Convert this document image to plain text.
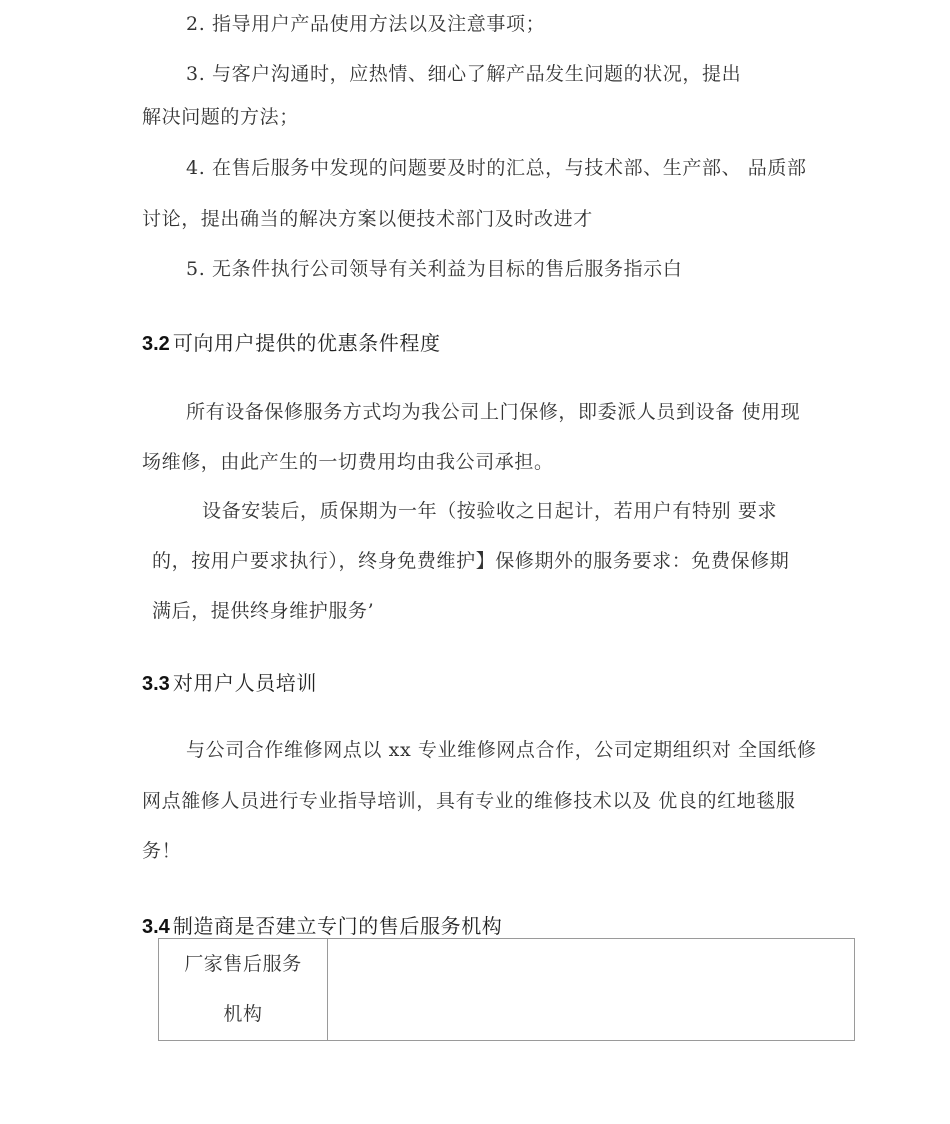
2. 指导用户产品使用方法以及注意事项；
3. 与客户沟通时，应热情、细心了解产品发生问题的状况，提出
解决问题的方法；
4. 在售后服务中发现的问题要及时的汇总，与技术部、生产部、 品质部
讨论，提出确当的解决方案以便技术部门及时改进才
5. 无条件执行公司领导有关利益为目标的售后服务指示白
3.2 可向用户提供的优惠条件程度
所有设备保修服务方式均为我公司上门保修，即委派人员到设备 使用现
场维修，由此产生的一切费用均由我公司承担。
设备安装后，质保期为一年（按验收之日起计，若用户有特别 要求
的，按用户要求执行），终身免费维护】保修期外的服务要求：免费保修期
满后，提供终身维护服务’
3.3 对用户人员培训
与公司合作维修网点以 xx 专业维修网点合作，公司定期组织对 全国纸修
网点雒修人员进行专业指导培训，具有专业的维修技术以及 优良的红地毯服
务！
3.4 制造商是否建立专门的售后服务机构
厂家售后服务
机构
